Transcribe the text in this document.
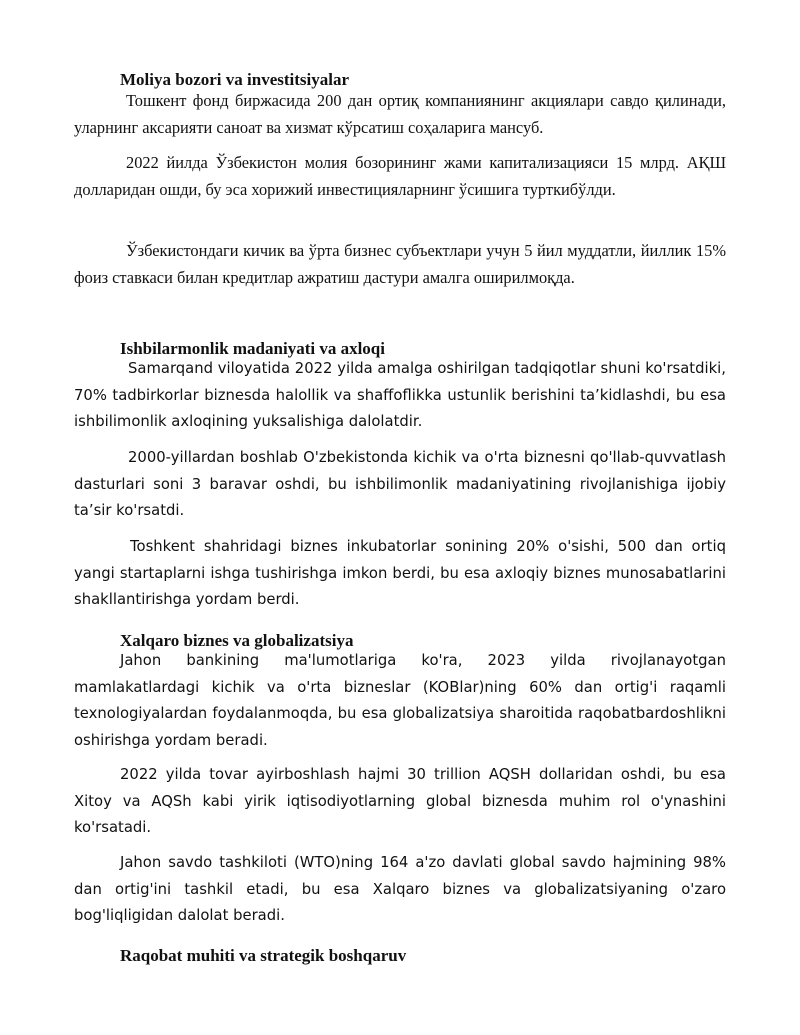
Moliya bozori va investitsiyalar

Тошкент фонд биржасида 200 дан ортиқ компаниянинг акциялари савдо қилинади, уларнинг аксарияти саноат ва хизмат кўрсатиш соҳаларига мансуб.

2022 йилда Ўзбекистон молия бозорининг жами капитализацияси 15 млрд. АҚШ долларидан ошди, бу эса хорижий инвестицияларнинг ўсишига турткибўлди.

Ўзбекистондаги кичик ва ўрта бизнес субъектлари учун 5 йил муддатли, йиллик 15% фоиз ставкаси билан кредитлар ажратиш дастури амалга оширилмоқда.

Ishbilarmonlik madaniyati va axloqi

Samarqand viloyatida 2022 yilda amalga oshirilgan tadqiqotlar shuni ko'rsatdiki, 70% tadbirkorlar biznesda halollik va shaffoflikka ustunlik berishini ta’kidlashdi, bu esa ishbilimonlik axloqining yuksalishiga dalolatdir.

2000-yillardan boshlab O'zbekistonda kichik va o'rta biznesni qo'llab-quvvatlash dasturlari soni 3 baravar oshdi, bu ishbilimonlik madaniyatining rivojlanishiga ijobiy ta’sir ko'rsatdi.

Toshkent shahridagi biznes inkubatorlar sonining 20% o'sishi, 500 dan ortiq yangi startaplarni ishga tushirishga imkon berdi, bu esa axloqiy biznes munosabatlarini shakllantirishga yordam berdi.

Xalqaro biznes va globalizatsiya

Jahon bankining ma'lumotlariga ko'ra, 2023 yilda rivojlanayotgan mamlakatlardagi kichik va o'rta bizneslar (KOBlar)ning 60% dan ortig'i raqamli texnologiyalardan foydalanmoqda, bu esa globalizatsiya sharoitida raqobatbardoshlikni oshirishga yordam beradi.

2022 yilda tovar ayirboshlash hajmi 30 trillion AQSH dollaridan oshdi, bu esa Xitoy va AQSh kabi yirik iqtisodiyotlarning global biznesda muhim rol o'ynashini ko'rsatadi.

Jahon savdo tashkiloti (WTO)ning 164 a'zo davlati global savdo hajmining 98% dan ortig'ini tashkil etadi, bu esa Xalqaro biznes va globalizatsiyaning o'zaro bog'liqligidan dalolat beradi.

Raqobat muhiti va strategik boshqaruv
